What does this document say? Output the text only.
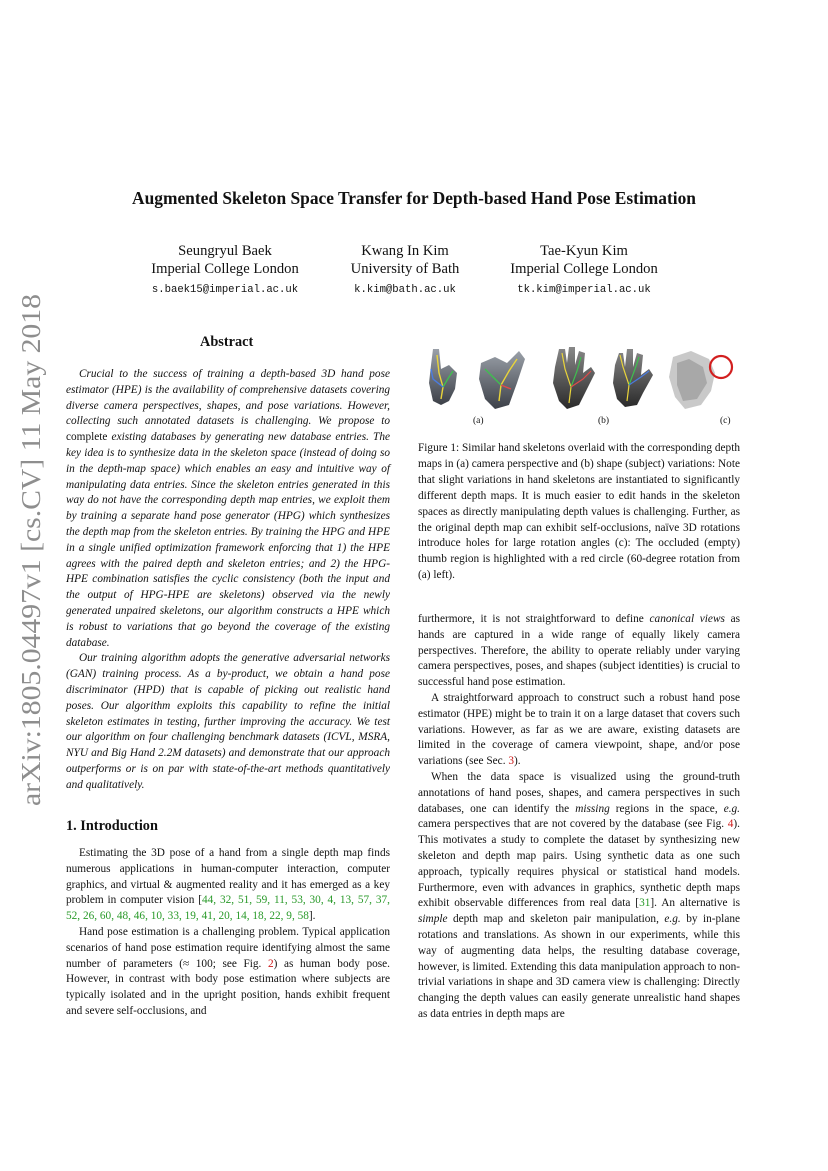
arXiv:1805.04497v1 [cs.CV] 11 May 2018
Augmented Skeleton Space Transfer for Depth-based Hand Pose Estimation
Seungryul Baek
Imperial College London
s.baek15@imperial.ac.uk
Kwang In Kim
University of Bath
k.kim@bath.ac.uk
Tae-Kyun Kim
Imperial College London
tk.kim@imperial.ac.uk
Abstract

Crucial to the success of training a depth-based 3D hand pose estimator (HPE) is the availability of comprehensive datasets covering diverse camera perspectives, shapes, and pose variations. However, collecting such annotated datasets is challenging. We propose to complete existing databases by generating new database entries. The key idea is to synthesize data in the skeleton space (instead of doing so in the depth-map space) which enables an easy and intuitive way of manipulating data entries. Since the skeleton entries generated in this way do not have the corresponding depth map entries, we exploit them by training a separate hand pose generator (HPG) which synthesizes the depth map from the skeleton entries. By training the HPG and HPE in a single unified optimization framework enforcing that 1) the HPE agrees with the paired depth and skeleton entries; and 2) the HPG-HPE combination satisfies the cyclic consistency (both the input and the output of HPG-HPE are skeletons) observed via the newly generated unpaired skeletons, our algorithm constructs a HPE which is robust to variations that go beyond the coverage of the existing database.

Our training algorithm adopts the generative adversarial networks (GAN) training process. As a by-product, we obtain a hand pose discriminator (HPD) that is capable of picking out realistic hand poses. Our algorithm exploits this capability to refine the initial skeleton estimates in testing, further improving the accuracy. We test our algorithm on four challenging benchmark datasets (ICVL, MSRA, NYU and Big Hand 2.2M datasets) and demonstrate that our approach outperforms or is on par with state-of-the-art methods quantitatively and qualitatively.

(a)	(b)	(c)
Figure 1: Similar hand skeletons overlaid with the corresponding depth maps in (a) camera perspective and (b) shape (subject) variations: Note that slight variations in hand skeletons are instantiated to significantly different depth maps. It is much easier to edit hands in the skeleton spaces as directly manipulating depth values is challenging. Further, as the original depth map can exhibit self-occlusions, naïve 3D rotations introduce holes for large rotation angles (c): The occluded (empty) thumb region is highlighted with a red circle (60-degree rotation from (a) left).
1. Introduction

Estimating the 3D pose of a hand from a single depth map finds numerous applications in human-computer interaction, computer graphics, and virtual & augmented reality and it has emerged as a key problem in computer vision [44, 32, 51, 59, 11, 53, 30, 4, 13, 57, 37, 52, 26, 60, 48, 46, 10, 33, 19, 41, 20, 14, 18, 22, 9, 58].

Hand pose estimation is a challenging problem. Typical application scenarios of hand pose estimation require identifying almost the same number of parameters (≈ 100; see Fig. 2) as human body pose. However, in contrast with body pose estimation where subjects are typically isolated and in the upright position, hands exhibit frequent and severe self-occlusions, and

furthermore, it is not straightforward to define canonical views as hands are captured in a wide range of equally likely camera perspectives. Therefore, the ability to operate reliably under varying camera perspectives, poses, and shapes (subject identities) is crucial to successful hand pose estimation.

A straightforward approach to construct such a robust hand pose estimator (HPE) might be to train it on a large dataset that covers such variations. However, as far as we are aware, existing datasets are limited in the coverage of camera viewpoint, shape, and/or pose variations (see Sec. 3).

When the data space is visualized using the ground-truth annotations of hand poses, shapes, and camera perspectives in such databases, one can identify the missing regions in the space, e.g. camera perspectives that are not covered by the database (see Fig. 4). This motivates a study to complete the dataset by synthesizing new skeleton and depth map pairs. Using synthetic data as one such approach, typically requires physical or statistical hand models. Furthermore, even with advances in graphics, synthetic depth maps exhibit observable differences from real data [31]. An alternative is simple depth map and skeleton pair manipulation, e.g. by in-plane rotations and translations. As shown in our experiments, while this way of augmenting data helps, the resulting database coverage, however, is limited. Extending this data manipulation approach to non-trivial variations in shape and 3D camera view is challenging: Directly changing the depth values can easily generate unrealistic hand shapes as data entries in depth maps are
